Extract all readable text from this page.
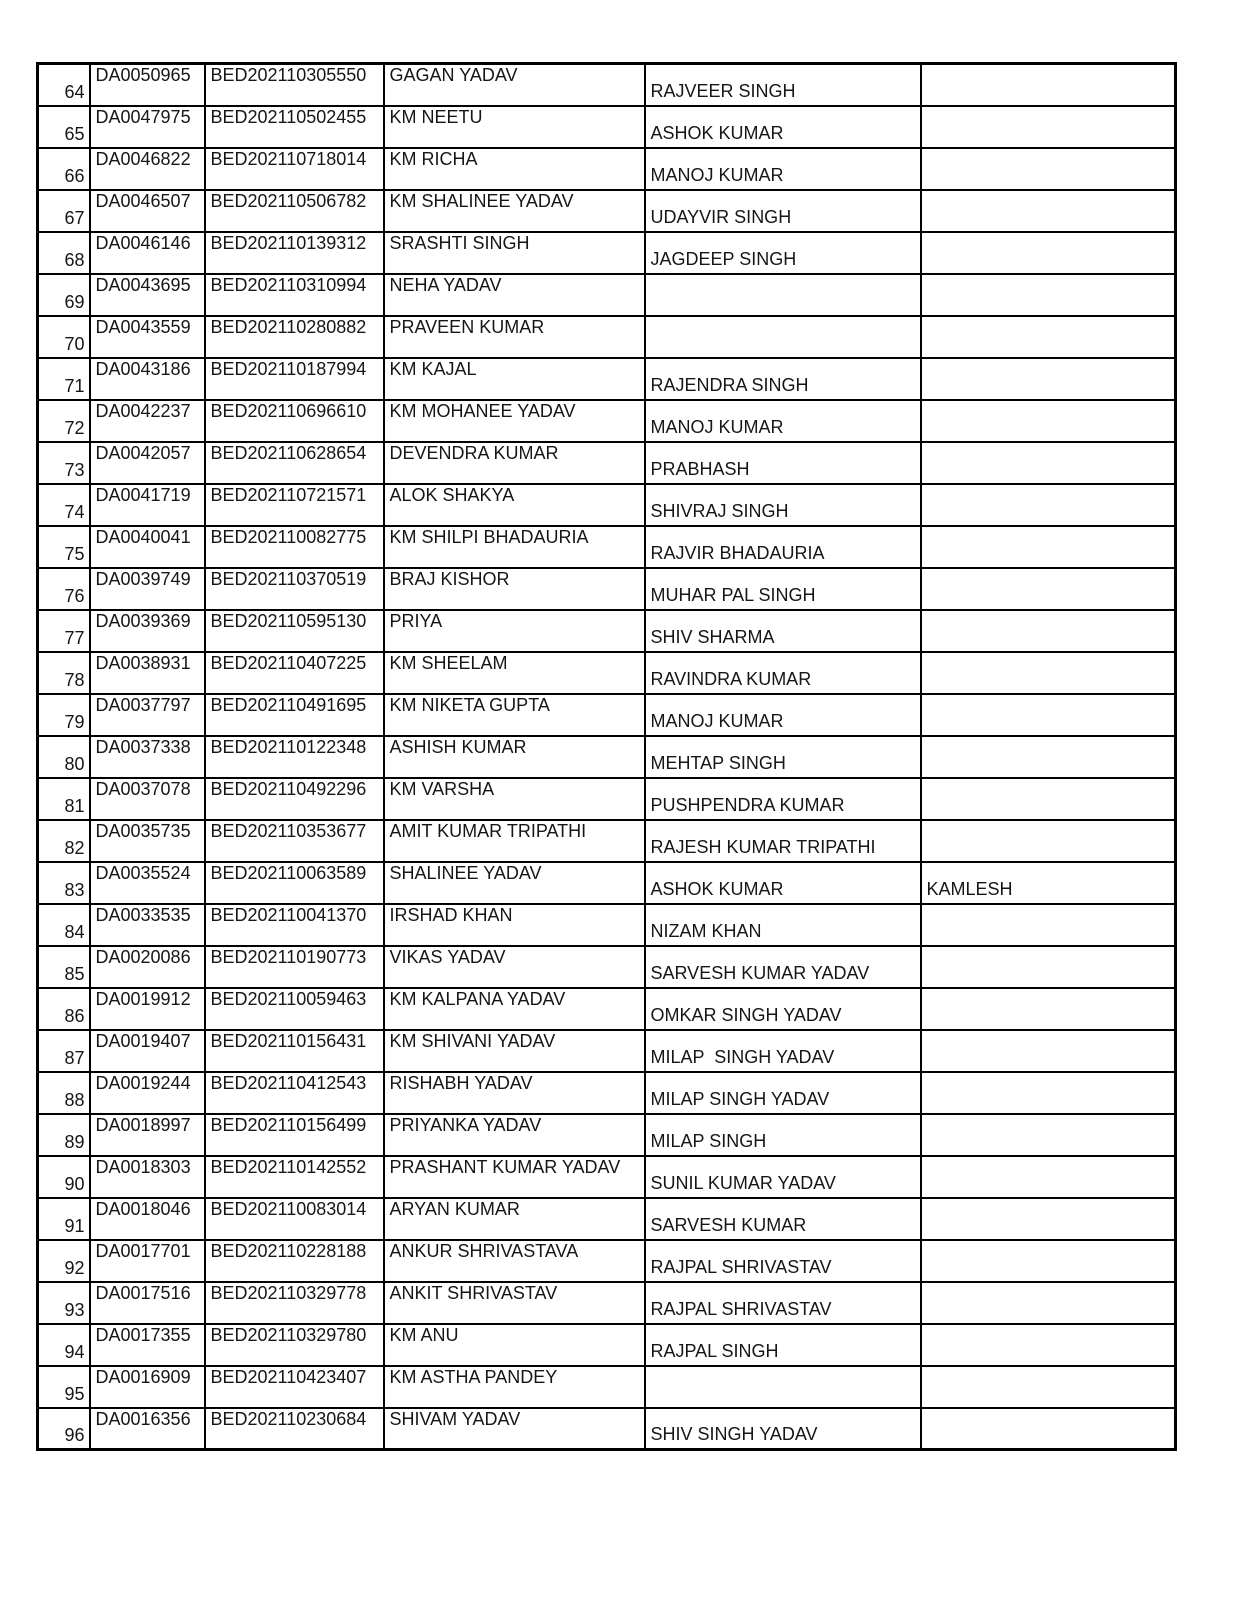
64	DA0050965	BED202110305550	GAGAN YADAV	RAJVEER SINGH	
65	DA0047975	BED202110502455	KM NEETU	ASHOK KUMAR	
66	DA0046822	BED202110718014	KM RICHA	MANOJ KUMAR	
67	DA0046507	BED202110506782	KM SHALINEE YADAV	UDAYVIR SINGH	
68	DA0046146	BED202110139312	SRASHTI SINGH	JAGDEEP SINGH	
69	DA0043695	BED202110310994	NEHA YADAV		
70	DA0043559	BED202110280882	PRAVEEN KUMAR		
71	DA0043186	BED202110187994	KM KAJAL	RAJENDRA SINGH	
72	DA0042237	BED202110696610	KM MOHANEE YADAV	MANOJ KUMAR	
73	DA0042057	BED202110628654	DEVENDRA KUMAR	PRABHASH	
74	DA0041719	BED202110721571	ALOK SHAKYA	SHIVRAJ SINGH	
75	DA0040041	BED202110082775	KM SHILPI BHADAURIA	RAJVIR BHADAURIA	
76	DA0039749	BED202110370519	BRAJ KISHOR	MUHAR PAL SINGH	
77	DA0039369	BED202110595130	PRIYA	SHIV SHARMA	
78	DA0038931	BED202110407225	KM SHEELAM	RAVINDRA KUMAR	
79	DA0037797	BED202110491695	KM NIKETA GUPTA	MANOJ KUMAR	
80	DA0037338	BED202110122348	ASHISH KUMAR	MEHTAP SINGH	
81	DA0037078	BED202110492296	KM VARSHA	PUSHPENDRA KUMAR	
82	DA0035735	BED202110353677	AMIT KUMAR TRIPATHI	RAJESH KUMAR TRIPATHI	
83	DA0035524	BED202110063589	SHALINEE YADAV	ASHOK KUMAR	KAMLESH
84	DA0033535	BED202110041370	IRSHAD KHAN	NIZAM KHAN	
85	DA0020086	BED202110190773	VIKAS YADAV	SARVESH KUMAR YADAV	
86	DA0019912	BED202110059463	KM KALPANA YADAV	OMKAR SINGH YADAV	
87	DA0019407	BED202110156431	KM SHIVANI YADAV	MILAP  SINGH YADAV	
88	DA0019244	BED202110412543	RISHABH YADAV	MILAP SINGH YADAV	
89	DA0018997	BED202110156499	PRIYANKA YADAV	MILAP SINGH	
90	DA0018303	BED202110142552	PRASHANT KUMAR YADAV	SUNIL KUMAR YADAV	
91	DA0018046	BED202110083014	ARYAN KUMAR	SARVESH KUMAR	
92	DA0017701	BED202110228188	ANKUR SHRIVASTAVA	RAJPAL SHRIVASTAV	
93	DA0017516	BED202110329778	ANKIT SHRIVASTAV	RAJPAL SHRIVASTAV	
94	DA0017355	BED202110329780	KM ANU	RAJPAL SINGH	
95	DA0016909	BED202110423407	KM ASTHA PANDEY		
96	DA0016356	BED202110230684	SHIVAM YADAV	SHIV SINGH YADAV	
